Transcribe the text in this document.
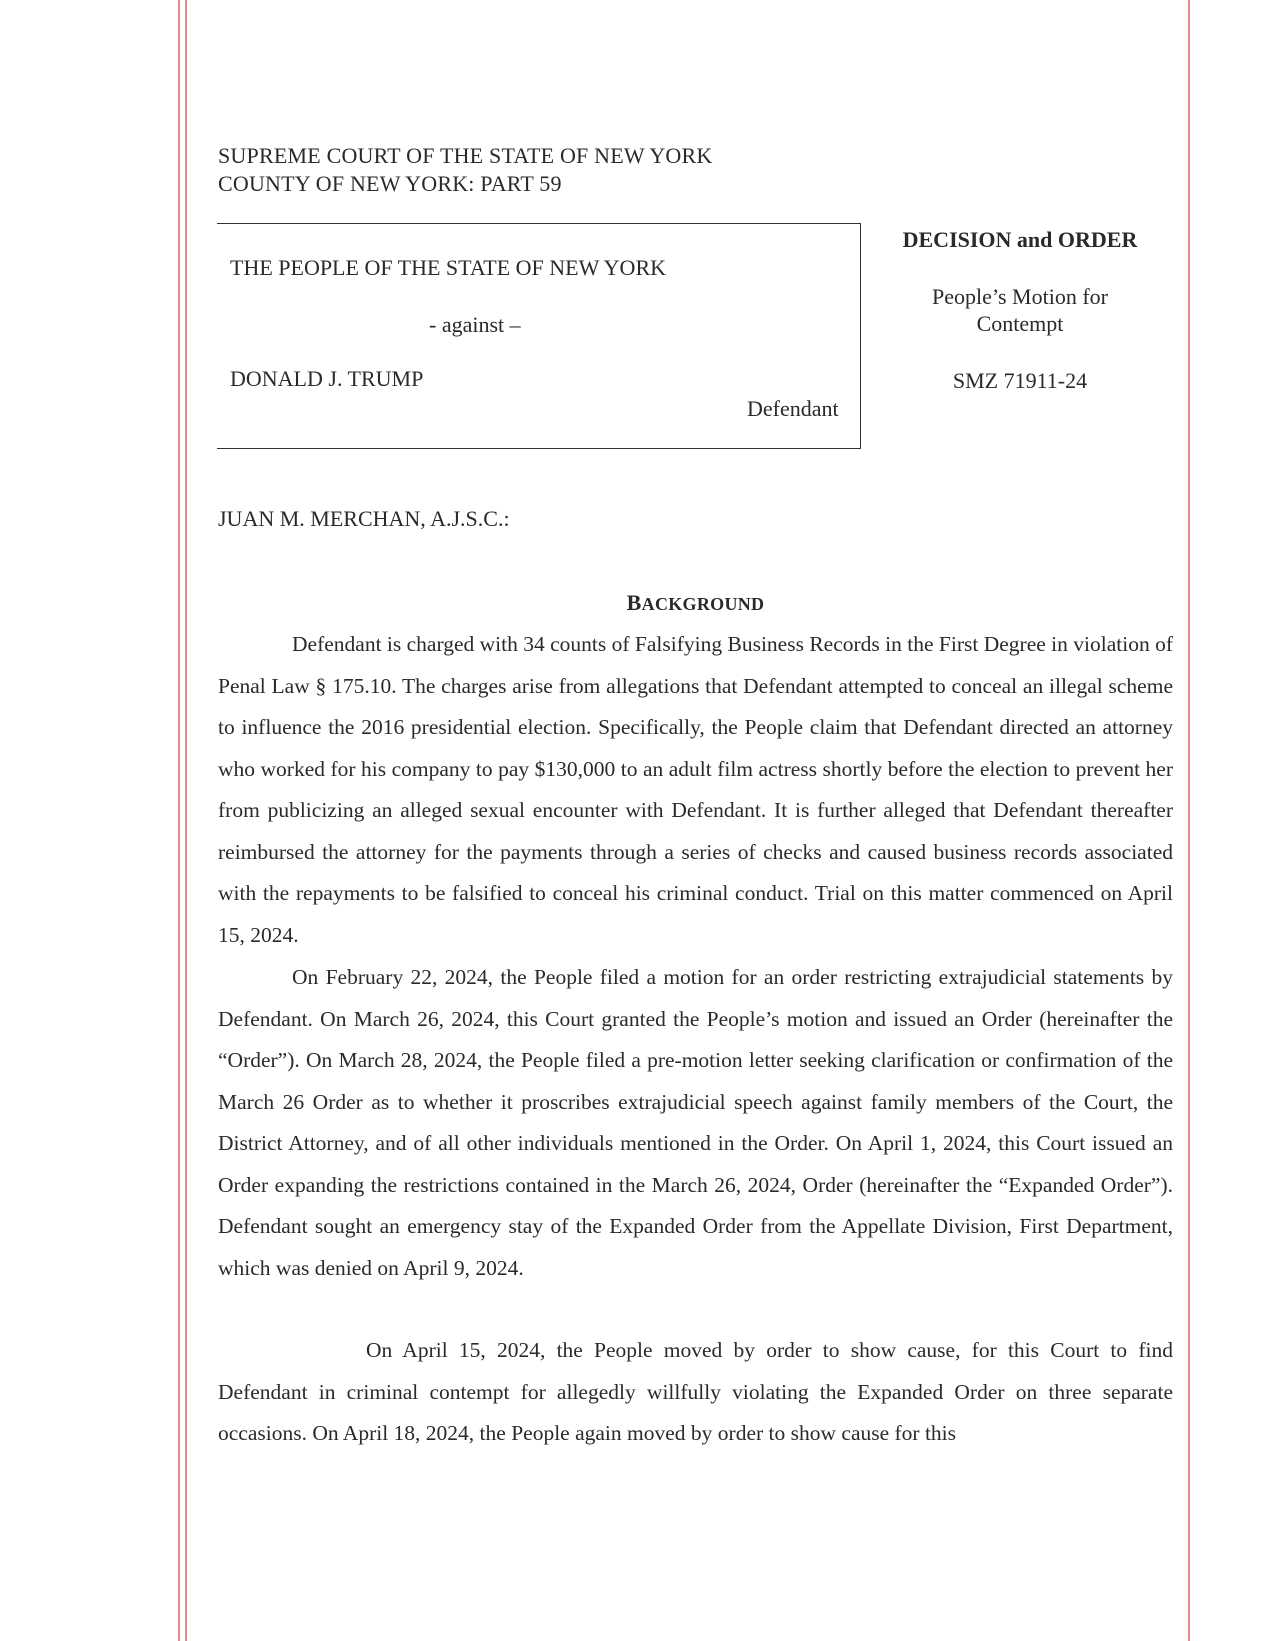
SUPREME COURT OF THE STATE OF NEW YORK
COUNTY OF NEW YORK: PART 59
THE PEOPLE OF THE STATE OF NEW YORK
- against –
DONALD J. TRUMP
Defendant
DECISION and ORDER
People’s Motion for
Contempt
SMZ 71911-24
JUAN M. MERCHAN, A.J.S.C.:
BACKGROUND

Defendant is charged with 34 counts of Falsifying Business Records in the First Degree in violation of Penal Law § 175.10. The charges arise from allegations that Defendant attempted to conceal an illegal scheme to influence the 2016 presidential election. Specifically, the People claim that Defendant directed an attorney who worked for his company to pay $130,000 to an adult film actress shortly before the election to prevent her from publicizing an alleged sexual encounter with Defendant. It is further alleged that Defendant thereafter reimbursed the attorney for the payments through a series of checks and caused business records associated with the repayments to be falsified to conceal his criminal conduct. Trial on this matter commenced on April 15, 2024.

On February 22, 2024, the People filed a motion for an order restricting extrajudicial statements by Defendant. On March 26, 2024, this Court granted the People’s motion and issued an Order (hereinafter the “Order”). On March 28, 2024, the People filed a pre-motion letter seeking clarification or confirmation of the March 26 Order as to whether it proscribes extrajudicial speech against family members of the Court, the District Attorney, and of all other individuals mentioned in the Order. On April 1, 2024, this Court issued an Order expanding the restrictions contained in the March 26, 2024, Order (hereinafter the “Expanded Order”). Defendant sought an emergency stay of the Expanded Order from the Appellate Division, First Department, which was denied on April 9, 2024.

On April 15, 2024, the People moved by order to show cause, for this Court to find Defendant in criminal contempt for allegedly willfully violating the Expanded Order on three separate occasions. On April 18, 2024, the People again moved by order to show cause for this
